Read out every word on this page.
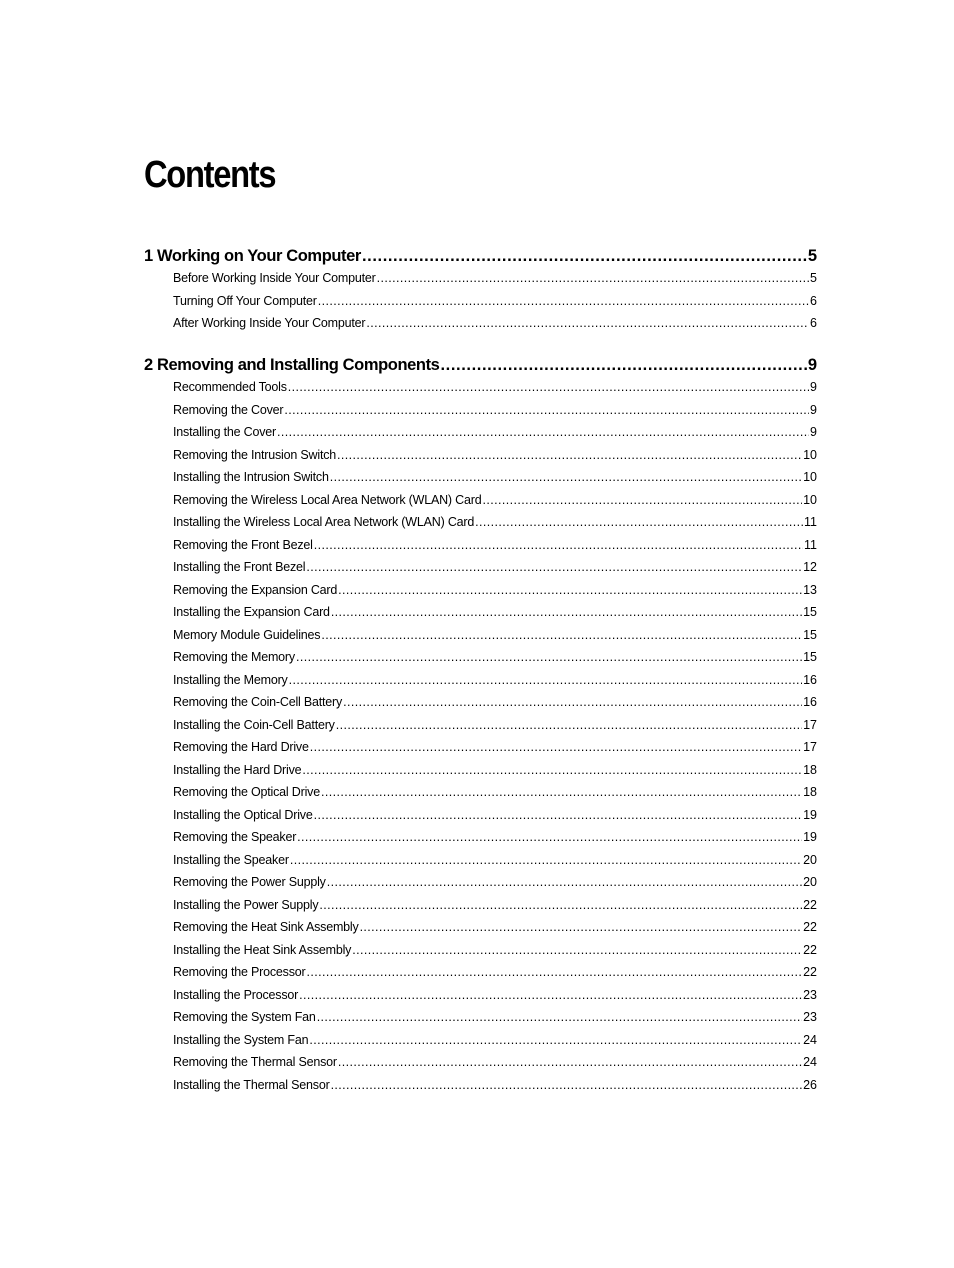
Contents
1 Working on Your Computer .....	5
Before Working Inside Your Computer .....	5
Turning Off Your Computer .....	6
After Working Inside Your Computer .....	6
2 Removing and Installing Components .....	9
Recommended Tools .....	9
Removing the Cover .....	9
Installing the Cover .....	9
Removing the Intrusion Switch .....	10
Installing the Intrusion Switch .....	10
Removing the Wireless Local Area Network (WLAN) Card .....	10
Installing the Wireless Local Area Network (WLAN) Card .....	11
Removing the Front Bezel .....	11
Installing the Front Bezel .....	12
Removing the Expansion Card .....	13
Installing the Expansion Card .....	15
Memory Module Guidelines .....	15
Removing the Memory .....	15
Installing the Memory .....	16
Removing the Coin-Cell Battery .....	16
Installing the Coin-Cell Battery .....	17
Removing the Hard Drive .....	17
Installing the Hard Drive .....	18
Removing the Optical Drive .....	18
Installing the Optical Drive .....	19
Removing the Speaker .....	19
Installing the Speaker .....	20
Removing the Power Supply .....	20
Installing the Power Supply .....	22
Removing the Heat Sink Assembly .....	22
Installing the Heat Sink Assembly .....	22
Removing the Processor .....	22
Installing the Processor .....	23
Removing the System Fan .....	23
Installing the System Fan .....	24
Removing the Thermal Sensor .....	24
Installing the Thermal Sensor .....	26
